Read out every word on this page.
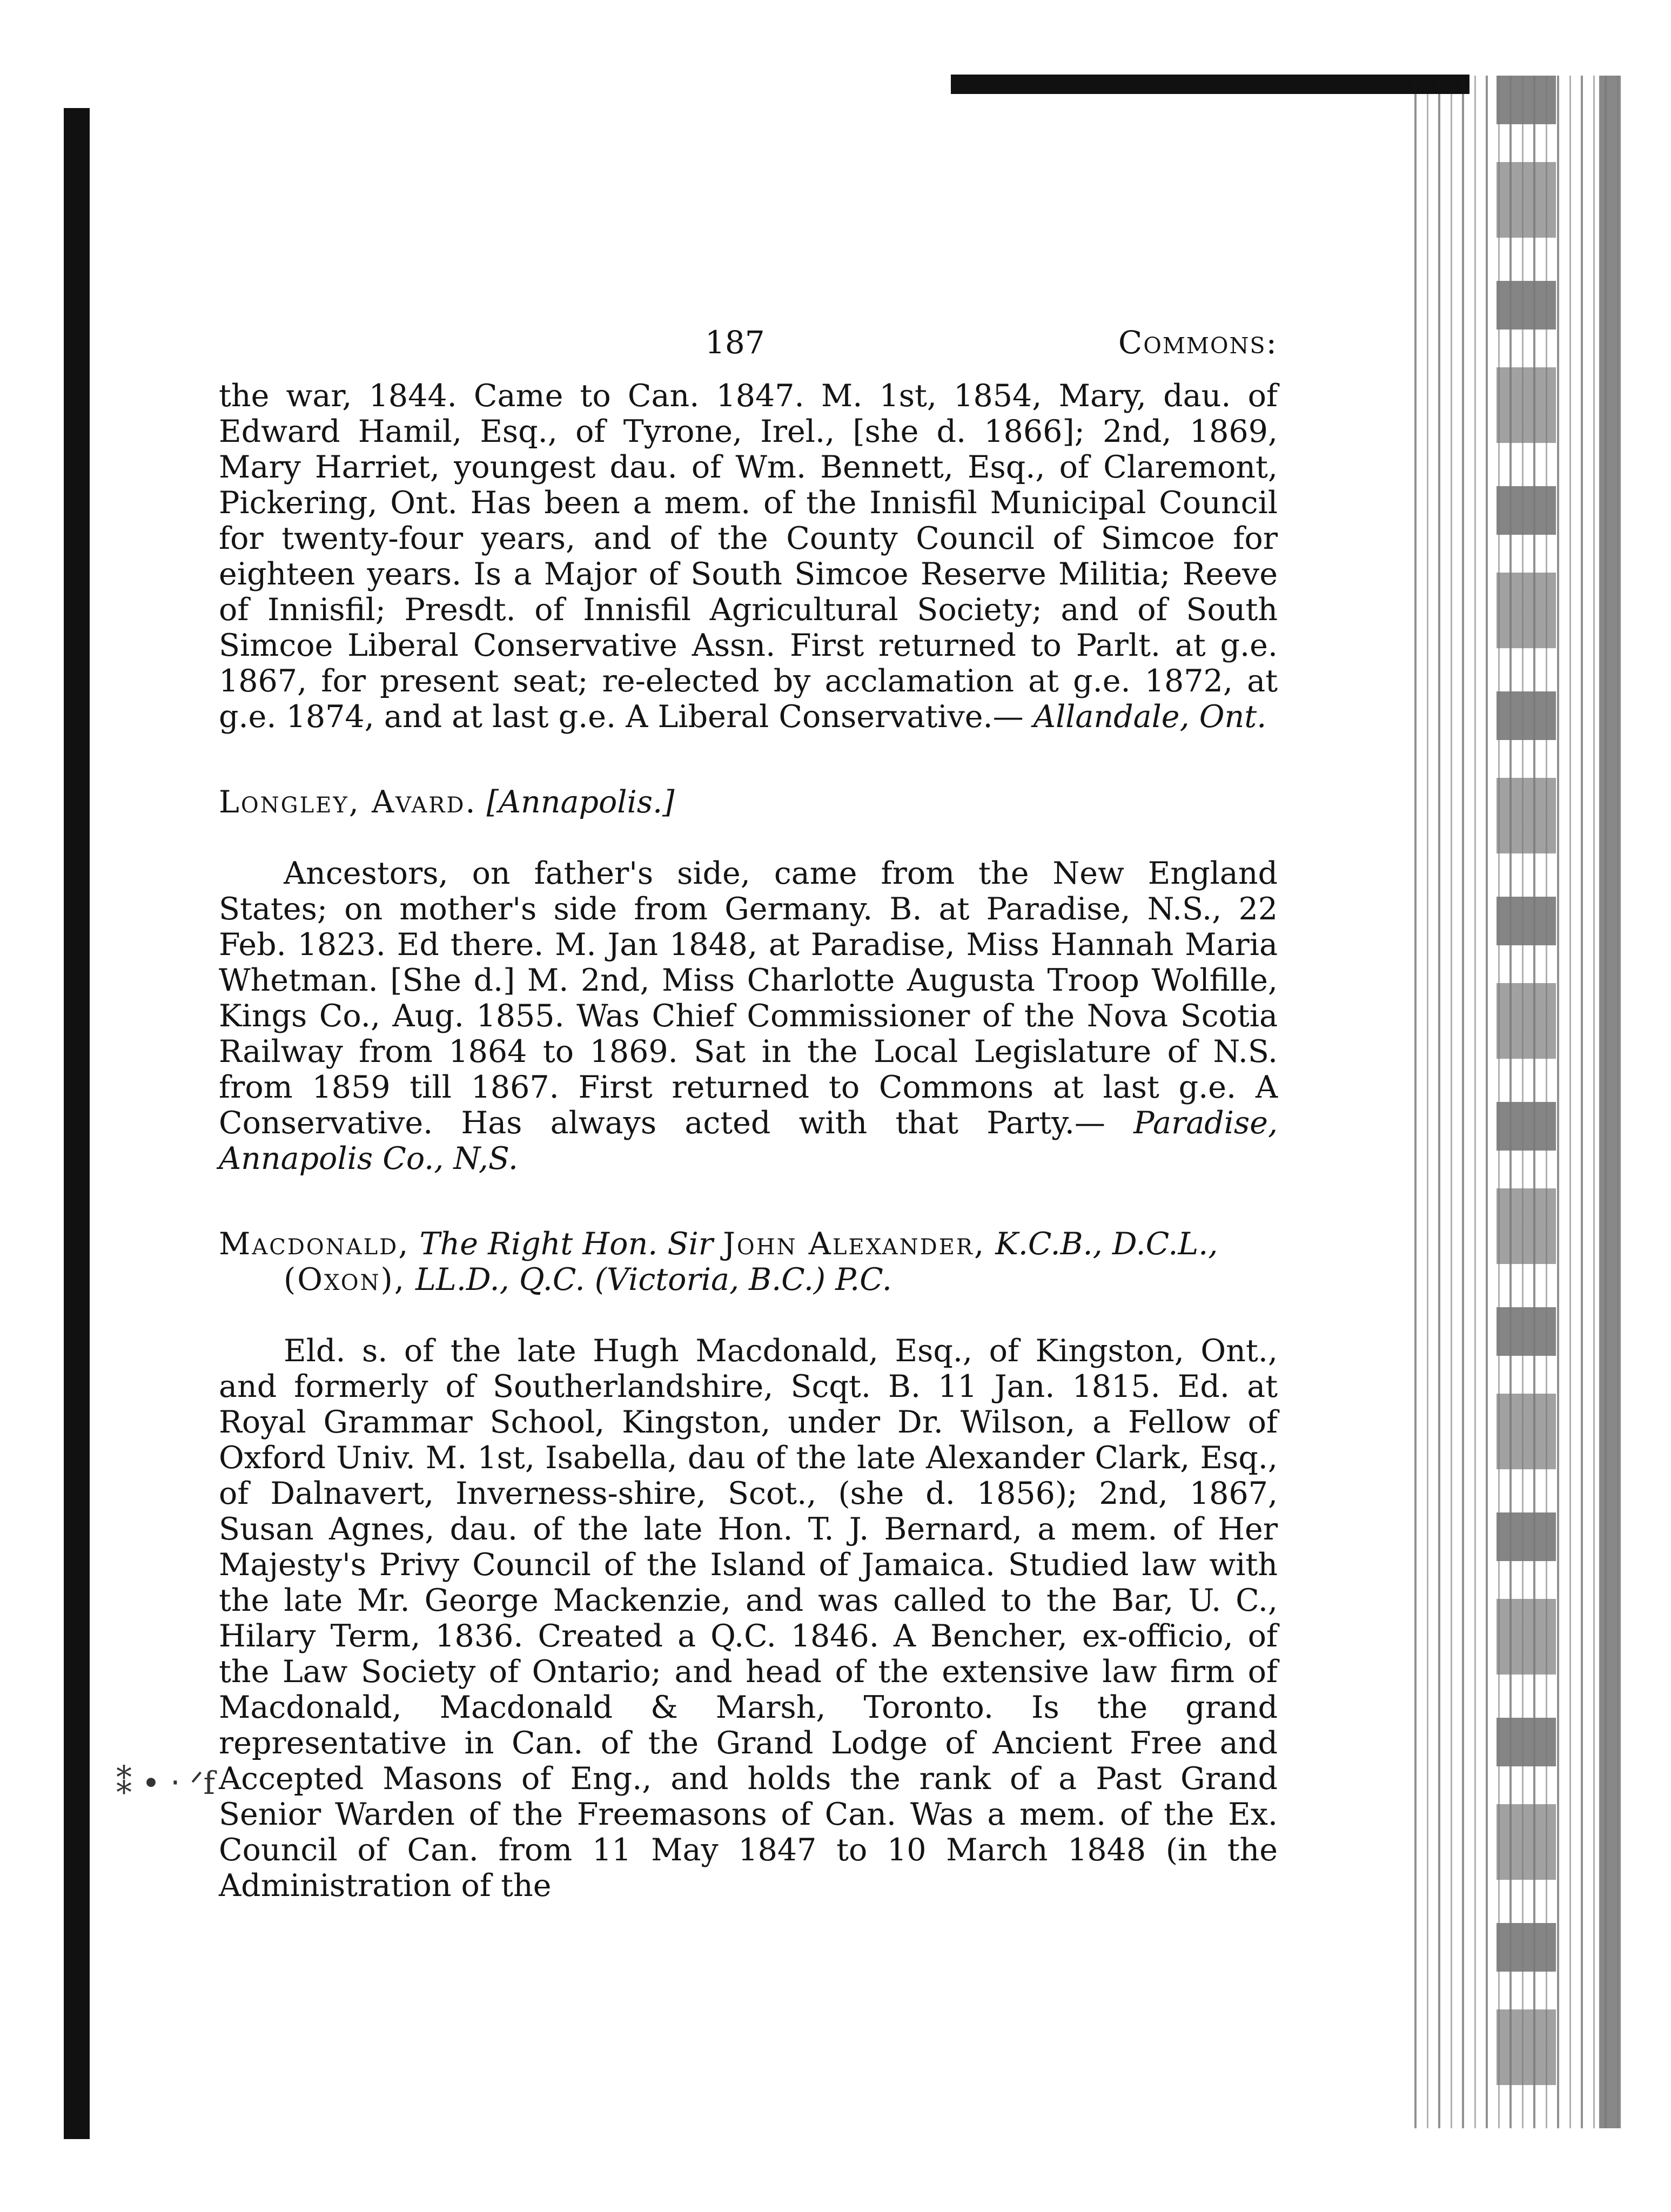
⁑ • ‧ ᐟf
187	Commons:

the war, 1844. Came to Can. 1847. M. 1st, 1854, Mary, dau. of Edward Hamil, Esq., of Tyrone, Irel., [she d. 1866]; 2nd, 1869, Mary Harriet, youngest dau. of Wm. Bennett, Esq., of Claremont, Pickering, Ont. Has been a mem. of the Innisfil Municipal Council for twenty-four years, and of the County Council of Simcoe for eighteen years. Is a Major of South Simcoe Reserve Militia; Reeve of Innisfil; Presdt. of Innisfil Agricultural Society; and of South Simcoe Liberal Conservative Assn. First returned to Parlt. at g.e. 1867, for present seat; re-elected by acclamation at g.e. 1872, at g.e. 1874, and at last g.e. A Liberal Conservative.— Allandale, Ont.

Longley, Avard. [Annapolis.]

Ancestors, on father's side, came from the New England States; on mother's side from Germany. B. at Paradise, N.S., 22 Feb. 1823. Ed there. M. Jan 1848, at Paradise, Miss Hannah Maria Whetman. [She d.] M. 2nd, Miss Charlotte Augusta Troop Wolfille, Kings Co., Aug. 1855. Was Chief Commissioner of the Nova Scotia Railway from 1864 to 1869. Sat in the Local Legislature of N.S. from 1859 till 1867. First returned to Commons at last g.e. A Conservative. Has always acted with that Party.— Paradise, Annapolis Co., N,S.

Macdonald, The Right Hon. Sir John Alexander, K.C.B., D.C.L.,
(Oxon), LL.D., Q.C. (Victoria, B.C.) P.C.

Eld. s. of the late Hugh Macdonald, Esq., of Kingston, Ont., and formerly of Southerlandshire, Scqt. B. 11 Jan. 1815. Ed. at Royal Grammar School, Kingston, under Dr. Wilson, a Fellow of Oxford Univ. M. 1st, Isabella, dau of the late Alexander Clark, Esq., of Dalnavert, Inverness-shire, Scot., (she d. 1856); 2nd, 1867, Susan Agnes, dau. of the late Hon. T. J. Bernard, a mem. of Her Majesty's Privy Council of the Island of Jamaica. Studied law with the late Mr. George Mackenzie, and was called to the Bar, U. C., Hilary Term, 1836. Created a Q.C. 1846. A Bencher, ex-officio, of the Law Society of Ontario; and head of the extensive law firm of Macdonald, Macdonald & Marsh, Toronto. Is the grand representative in Can. of the Grand Lodge of Ancient Free and Accepted Masons of Eng., and holds the rank of a Past Grand Senior Warden of the Freemasons of Can. Was a mem. of the Ex. Council of Can. from 11 May 1847 to 10 March 1848 (in the Administration of the
